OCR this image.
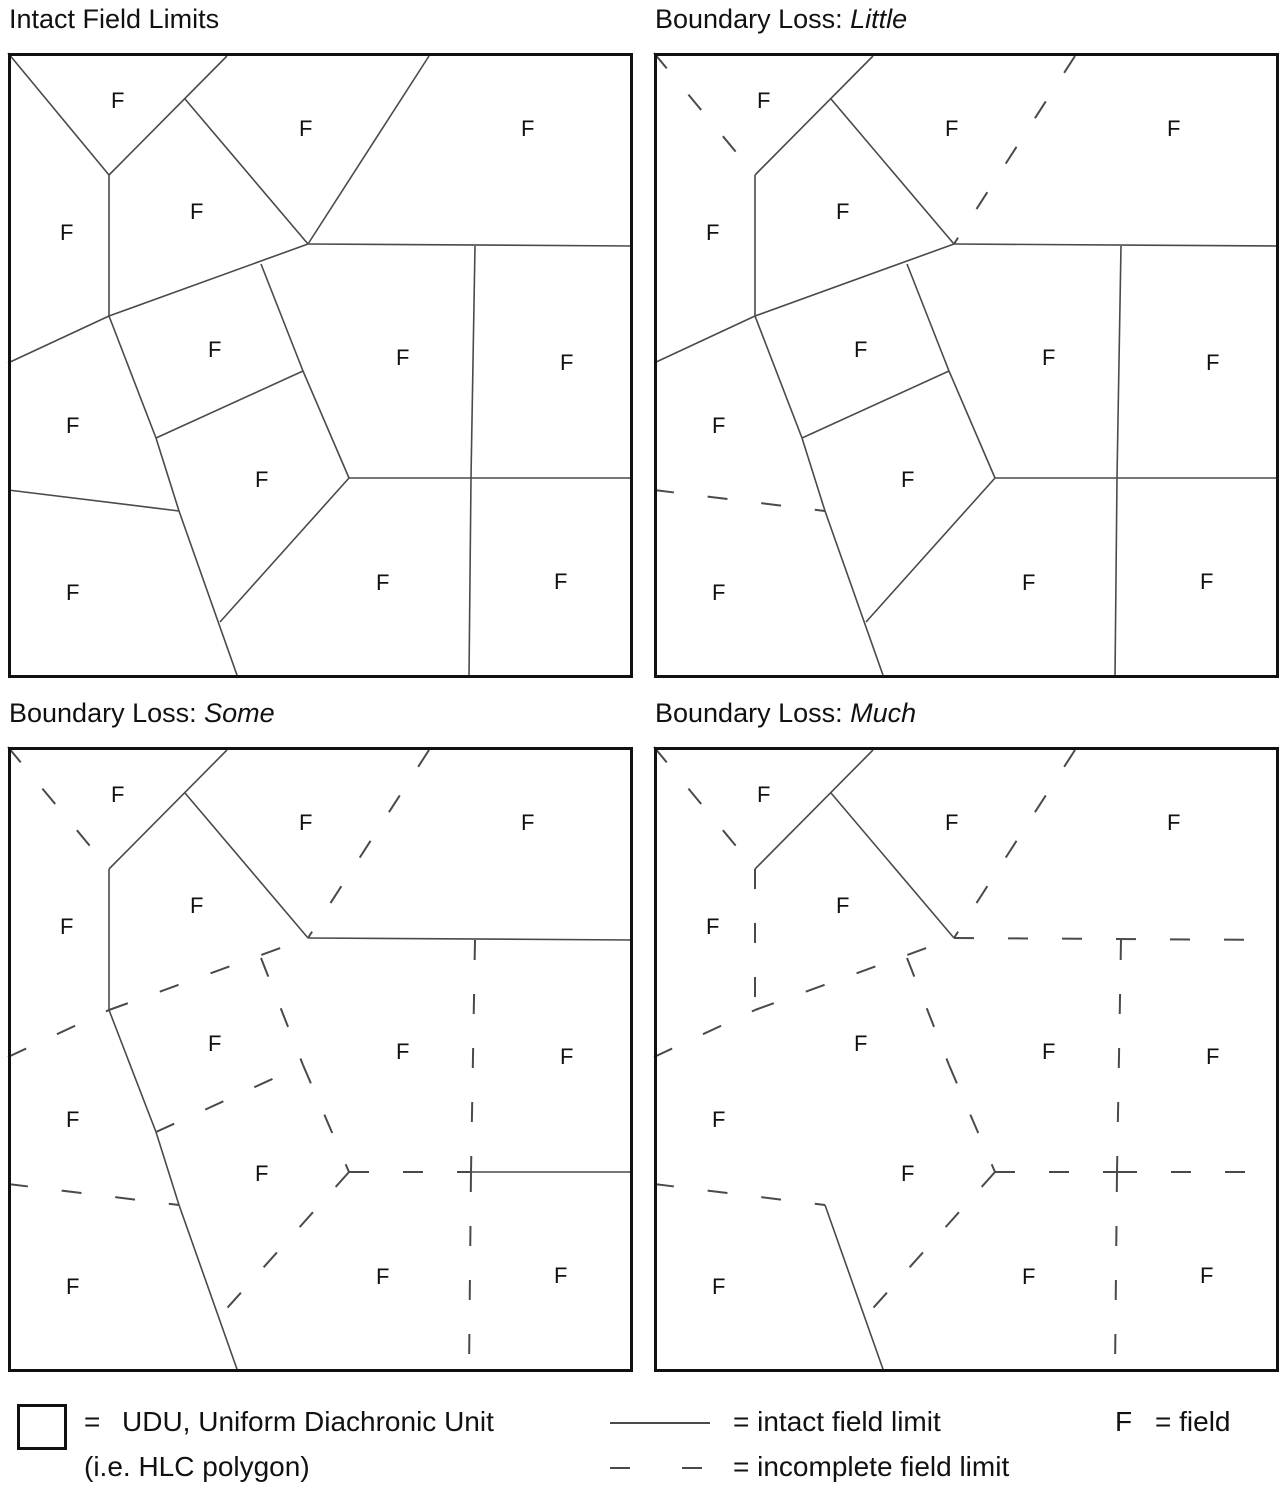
Intact Field Limits
F
F	F
F
F
F	F	F
F
F
F	F	F
Boundary Loss: Little
F
F	F
F
F
F	F	F
F
F
F	F	F
Boundary Loss: Some
F
F	F
F
F
F	F	F
F
F
F	F	F
Boundary Loss: Much
F
F	F
F
F
F	F	F
F
F
F	F	F
= UDU, Uniform Diachronic Unit
(i.e. HLC polygon)
= intact field limit
= incomplete field limit
F = field
